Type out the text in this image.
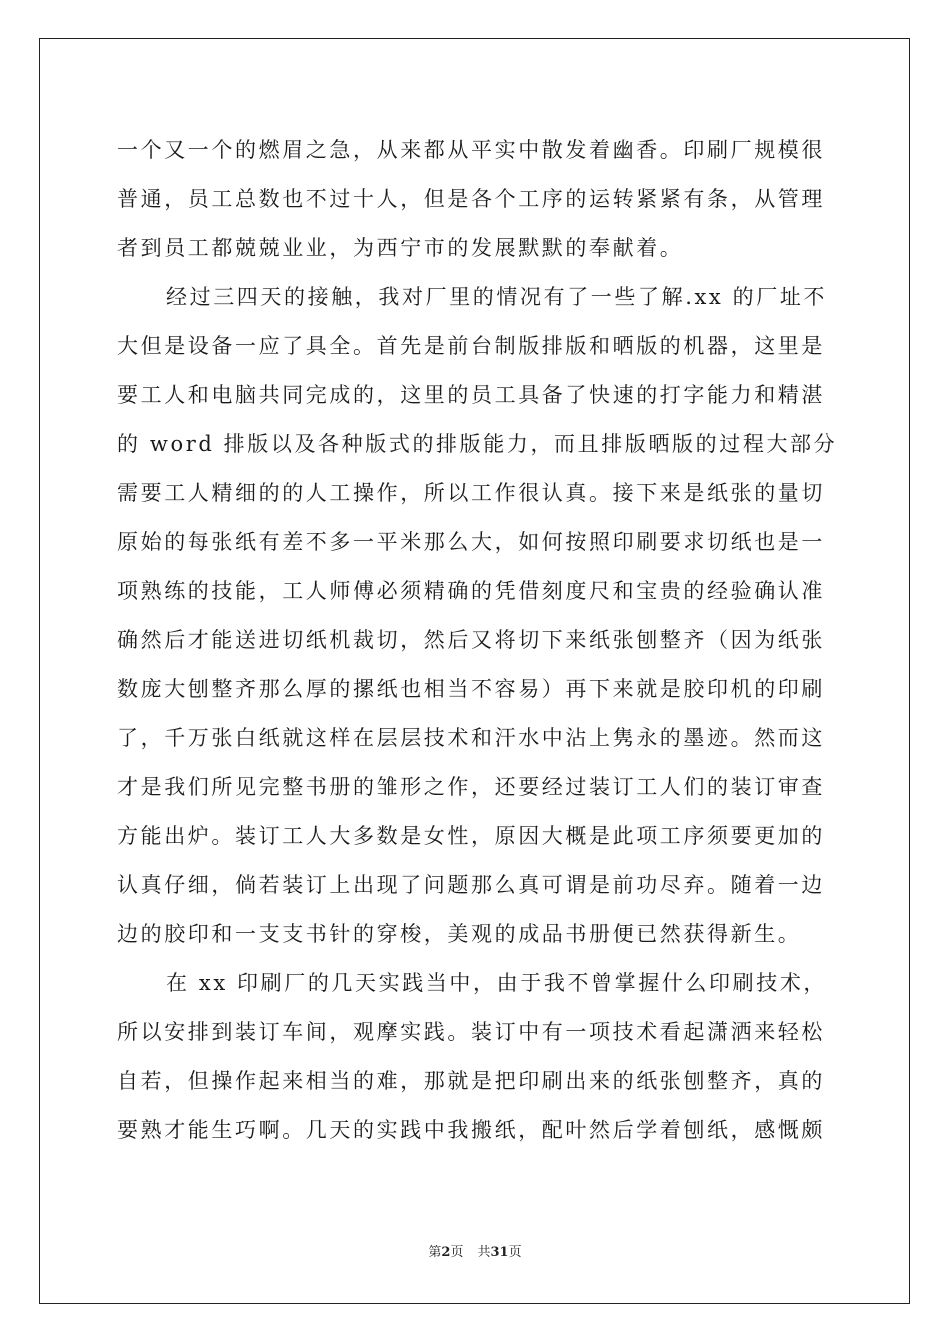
一个又一个的燃眉之急，从来都从平实中散发着幽香。印刷厂规模很
普通，员工总数也不过十人，但是各个工序的运转紧紧有条，从管理
者到员工都兢兢业业，为西宁市的发展默默的奉献着。
经过三四天的接触，我对厂里的情况有了一些了解.xx 的厂址不
大但是设备一应了具全。首先是前台制版排版和晒版的机器，这里是
要工人和电脑共同完成的，这里的员工具备了快速的打字能力和精湛
的 word 排版以及各种版式的排版能力，而且排版晒版的过程大部分
需要工人精细的的人工操作，所以工作很认真。接下来是纸张的量切
原始的每张纸有差不多一平米那么大，如何按照印刷要求切纸也是一
项熟练的技能，工人师傅必须精确的凭借刻度尺和宝贵的经验确认准
确然后才能送进切纸机裁切，然后又将切下来纸张刨整齐（因为纸张
数庞大刨整齐那么厚的摞纸也相当不容易）再下来就是胶印机的印刷
了，千万张白纸就这样在层层技术和汗水中沾上隽永的墨迹。然而这
才是我们所见完整书册的雏形之作，还要经过装订工人们的装订审查
方能出炉。装订工人大多数是女性，原因大概是此项工序须要更加的
认真仔细，倘若装订上出现了问题那么真可谓是前功尽弃。随着一边
边的胶印和一支支书针的穿梭，美观的成品书册便已然获得新生。
在 xx 印刷厂的几天实践当中，由于我不曾掌握什么印刷技术，
所以安排到装订车间，观摩实践。装订中有一项技术看起潇洒来轻松
自若，但操作起来相当的难，那就是把印刷出来的纸张刨整齐，真的
要熟才能生巧啊。几天的实践中我搬纸，配叶然后学着刨纸，感慨颇
第2页 共31页
